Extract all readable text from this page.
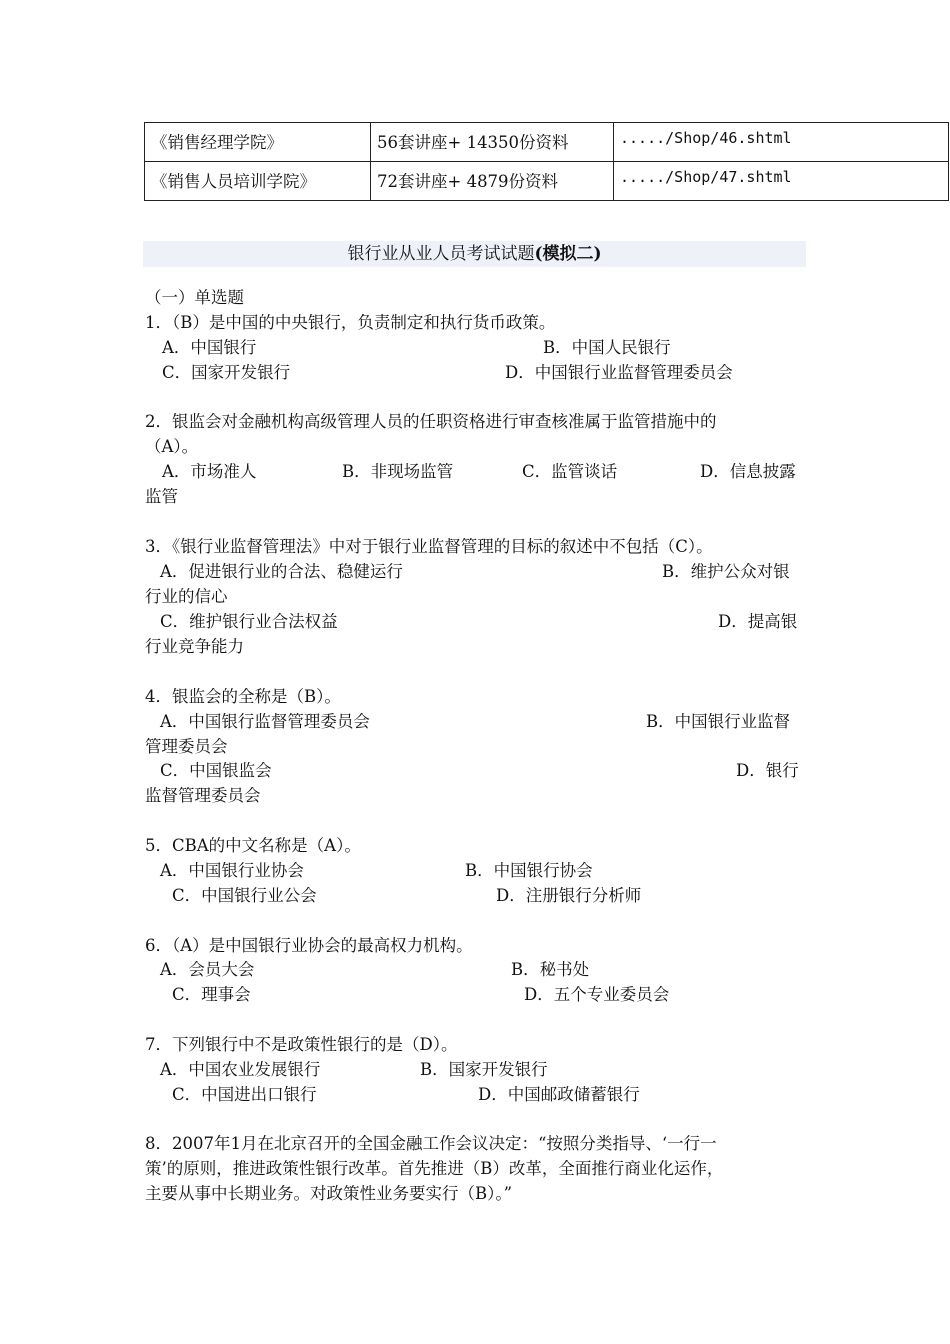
《销售经理学院》	56套讲座+ 14350份资料	...../Shop/46.shtml
《销售人员培训学院》	72套讲座+ 4879份资料	...../Shop/47.shtml
银行业从业人员考试试题(模拟二)
（一）单选题
1．（B）是中国的中央银行，负责制定和执行货币政策。
A．中国银行	B．中国人民银行
C．国家开发银行	D．中国银行业监督管理委员会
2．银监会对金融机构高级管理人员的任职资格进行审查核准属于监管措施中的
（A）。
A．市场准人	B．非现场监管	C．监管谈话	D．信息披露
监管
3．《银行业监督管理法》中对于银行业监督管理的目标的叙述中不包括（C）。
A．促进银行业的合法、稳健运行	B．维护公众对银
行业的信心
C．维护银行业合法权益	D．提高银
行业竞争能力
4．银监会的全称是（B）。
A．中国银行监督管理委员会	B．中国银行业监督
管理委员会
C．中国银监会	D．银行
监督管理委员会
5．CBA的中文名称是（A）。
A．中国银行业协会	B．中国银行协会
C．中国银行业公会	D．注册银行分析师
6．（A）是中国银行业协会的最高权力机构。
A．会员大会	B．秘书处
C．理事会	D．五个专业委员会
7．下列银行中不是政策性银行的是（D）。
A．中国农业发展银行	B．国家开发银行
C．中国进出口银行	D．中国邮政储蓄银行
8．2007年1月在北京召开的全国金融工作会议决定：“按照分类指导、‘一行一
策’的原则，推进政策性银行改革。首先推进（B）改革，全面推行商业化运作，
主要从事中长期业务。对政策性业务要实行（B）。”
